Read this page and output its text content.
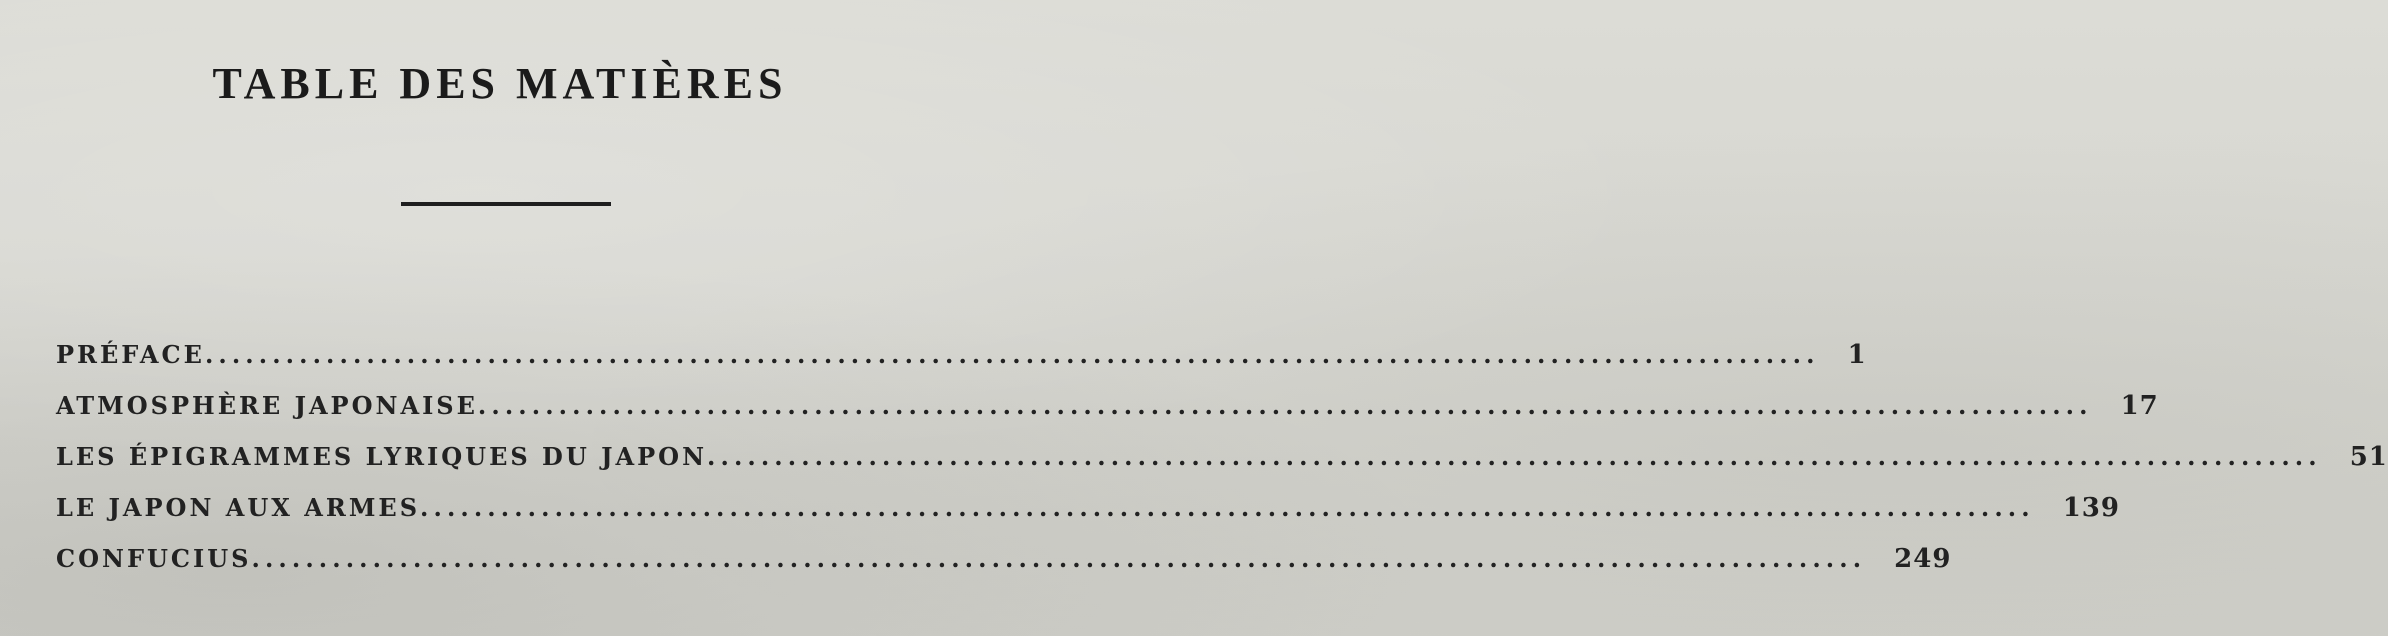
TABLE DES MATIÈRES
PRÉFACE ........................................................................................................................ 1
ATMOSPHÈRE JAPONAISE ........................................................................................................................ 17
LES ÉPIGRAMMES LYRIQUES DU JAPON ........................................................................................................................ 51
LE JAPON AUX ARMES ........................................................................................................................ 139
CONFUCIUS ........................................................................................................................ 249
